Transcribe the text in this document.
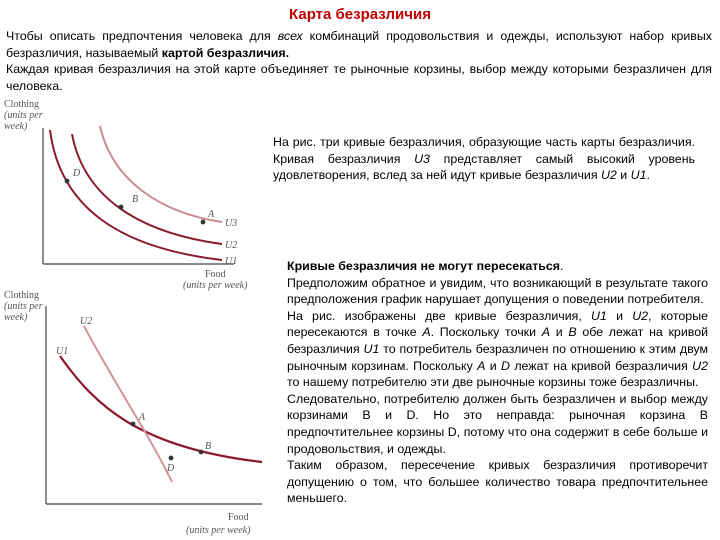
Карта безразличия

Чтобы описать предпочтения человека для всех комбинаций продовольствия и одежды, используют набор кривых безразличия, называемый картой безразличия.

Каждая кривая безразличия на этой карте объединяет те рыночные корзины, выбор между которыми безразличен для человека.

Clothing
(units per
week)
D
B
A
U3
U2
U1
Food
(units per week)

На рис. три кривые безразличия, образующие часть карты безразличия. Кривая безразличия U3 представляет самый высокий уровень удовлетворения, вслед за ней идут кривые безразличия U2 и U1.

Clothing
(units per
week)
A
B
D
U2
U1
Food
(units per week)

Кривые безразличия не могут пересекаться.

Предположим обратное и увидим, что возникающий в результате такого предположения график нарушает допущения о поведении потребителя.

На рис. изображены две кривые безразличия, U1 и U2, которые пересекаются в точке A. Поскольку точки A и B обе лежат на кривой безразличия U1 то потребитель безразличен по отношению к этим двум рыночным корзинам. Поскольку A и D лежат на кривой безразличия U2 то нашему потребителю эти две рыночные корзины тоже безразличны.

Следовательно, потребителю должен быть безразличен и выбор между корзинами В и D. Но это неправда: рыночная корзина В предпочтительнее корзины D, потому что она содержит в себе больше и продовольствия, и одежды.

Таким образом, пересечение кривых безразличия противоречит допущению о том, что большее количество товара предпочтительнее меньшего.
